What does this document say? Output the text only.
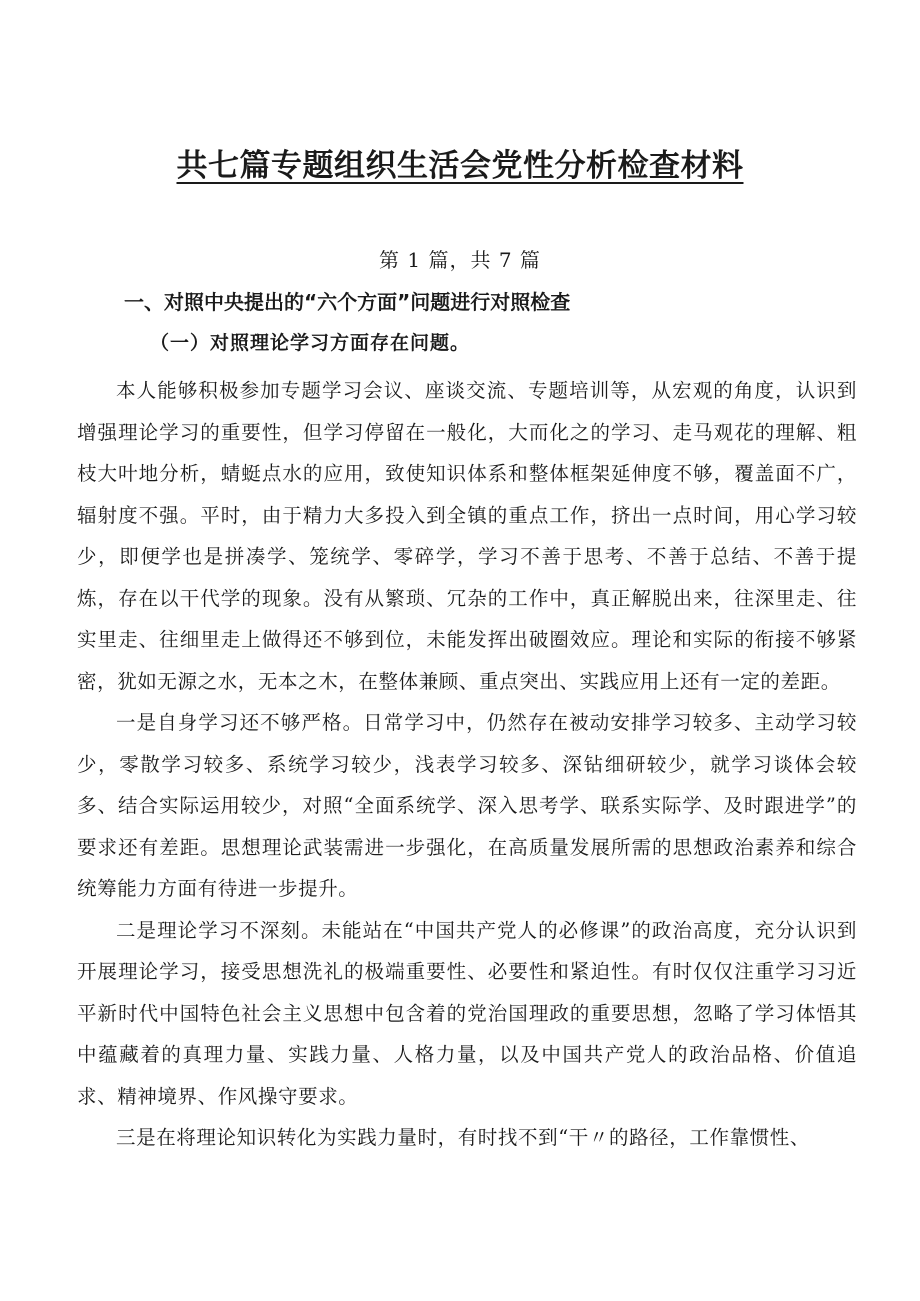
共七篇专题组织生活会党性分析检查材料
第 1 篇，共 7 篇
一、对照中央提出的“六个方面”问题进行对照检查
（一）对照理论学习方面存在问题。

本人能够积极参加专题学习会议、座谈交流、专题培训等，从宏观的角度，认识到增强理论学习的重要性，但学习停留在一般化，大而化之的学习、走马观花的理解、粗枝大叶地分析，蜻蜓点水的应用，致使知识体系和整体框架延伸度不够，覆盖面不广，辐射度不强。平时，由于精力大多投入到全镇的重点工作，挤出一点时间，用心学习较少，即便学也是拼凑学、笼统学、零碎学，学习不善于思考、不善于总结、不善于提炼，存在以干代学的现象。没有从繁琐、冗杂的工作中，真正解脱出来，往深里走、往实里走、往细里走上做得还不够到位，未能发挥出破圈效应。理论和实际的衔接不够紧密，犹如无源之水，无本之木，在整体兼顾、重点突出、实践应用上还有一定的差距。

一是自身学习还不够严格。日常学习中，仍然存在被动安排学习较多、主动学习较少，零散学习较多、系统学习较少，浅表学习较多、深钻细研较少，就学习谈体会较多、结合实际运用较少，对照“全面系统学、深入思考学、联系实际学、及时跟进学”的要求还有差距。思想理论武装需进一步强化，在高质量发展所需的思想政治素养和综合统筹能力方面有待进一步提升。

二是理论学习不深刻。未能站在“中国共产党人的必修课”的政治高度，充分认识到开展理论学习，接受思想洗礼的极端重要性、必要性和紧迫性。有时仅仅注重学习习近平新时代中国特色社会主义思想中包含着的党治国理政的重要思想，忽略了学习体悟其中蕴藏着的真理力量、实践力量、人格力量，以及中国共产党人的政治品格、价值追求、精神境界、作风操守要求。

三是在将理论知识转化为实践力量时，有时找不到“干〃的路径，工作靠惯性、
